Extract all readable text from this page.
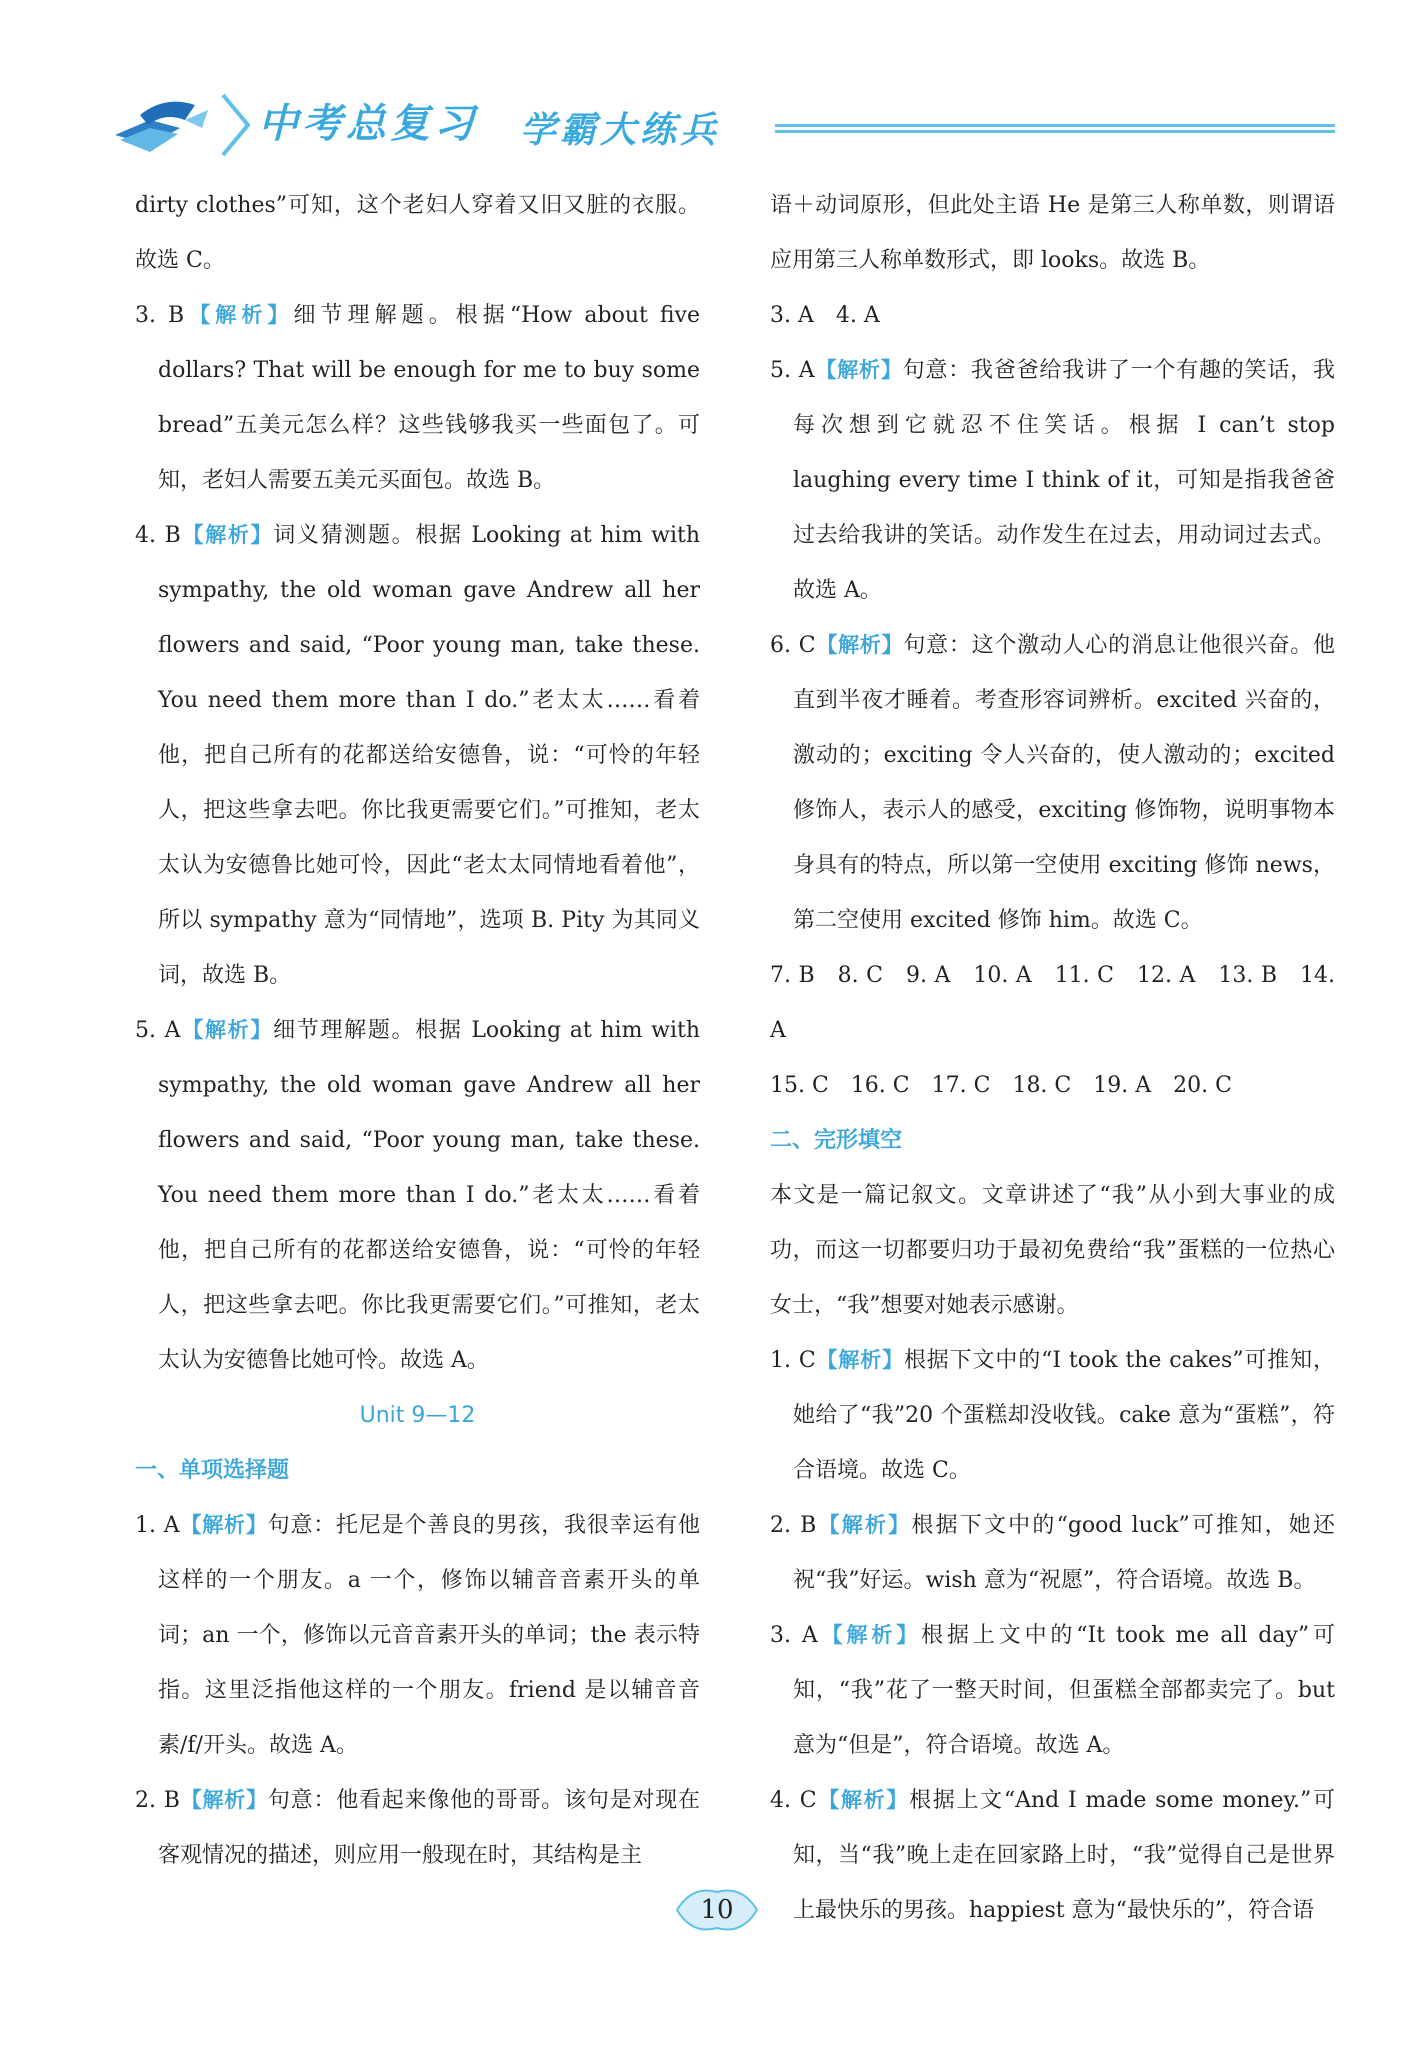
中考总复习 学霸大练兵

dirty clothes”可知，这个老妇人穿着又旧又脏的衣服。故选 C。

3. B【解析】细节理解题。根据“How about five dollars? That will be enough for me to buy some bread”五美元怎么样？这些钱够我买一些面包了。可知，老妇人需要五美元买面包。故选 B。

4. B【解析】词义猜测题。根据 Looking at him with sympathy, the old woman gave Andrew all her flowers and said, “Poor young man, take these. You need them more than I do.”老太太……看着他，把自己所有的花都送给安德鲁，说：“可怜的年轻人，把这些拿去吧。你比我更需要它们。”可推知，老太太认为安德鲁比她可怜，因此“老太太同情地看着他”，所以 sympathy 意为“同情地”，选项 B. Pity 为其同义词，故选 B。

5. A【解析】细节理解题。根据 Looking at him with sympathy, the old woman gave Andrew all her flowers and said, “Poor young man, take these. You need them more than I do.”老太太……看着他，把自己所有的花都送给安德鲁，说：“可怜的年轻人，把这些拿去吧。你比我更需要它们。”可推知，老太太认为安德鲁比她可怜。故选 A。

Unit 9—12

一、单项选择题

1. A【解析】句意：托尼是个善良的男孩，我很幸运有他这样的一个朋友。a 一个，修饰以辅音音素开头的单词；an 一个，修饰以元音音素开头的单词；the 表示特指。这里泛指他这样的一个朋友。friend 是以辅音音素/f/开头。故选 A。

2. B【解析】句意：他看起来像他的哥哥。该句是对现在客观情况的描述，则应用一般现在时，其结构是主

语＋动词原形，但此处主语 He 是第三人称单数，则谓语应用第三人称单数形式，即 looks。故选 B。

3. A　4. A

5. A【解析】句意：我爸爸给我讲了一个有趣的笑话，我每次想到它就忍不住笑话。根据 I can’t stop laughing every time I think of it，可知是指我爸爸过去给我讲的笑话。动作发生在过去，用动词过去式。故选 A。

6. C【解析】句意：这个激动人心的消息让他很兴奋。他直到半夜才睡着。考查形容词辨析。excited 兴奋的，激动的；exciting 令人兴奋的，使人激动的；excited 修饰人，表示人的感受，exciting 修饰物，说明事物本身具有的特点，所以第一空使用 exciting 修饰 news，第二空使用 excited 修饰 him。故选 C。

7. B　8. C　9. A　10. A　11. C　12. A　13. B　14. A

15. C　16. C　17. C　18. C　19. A　20. C

二、完形填空

本文是一篇记叙文。文章讲述了“我”从小到大事业的成功，而这一切都要归功于最初免费给“我”蛋糕的一位热心女士，“我”想要对她表示感谢。

1. C【解析】根据下文中的“I took the cakes”可推知，她给了“我”20 个蛋糕却没收钱。cake 意为“蛋糕”，符合语境。故选 C。

2. B【解析】根据下文中的“good luck”可推知，她还祝“我”好运。wish 意为“祝愿”，符合语境。故选 B。

3. A【解析】根据上文中的“It took me all day”可知，“我”花了一整天时间，但蛋糕全部都卖完了。but 意为“但是”，符合语境。故选 A。

4. C【解析】根据上文“And I made some money.”可知，当“我”晚上走在回家路上时，“我”觉得自己是世界上最快乐的男孩。happiest 意为“最快乐的”，符合语

10
